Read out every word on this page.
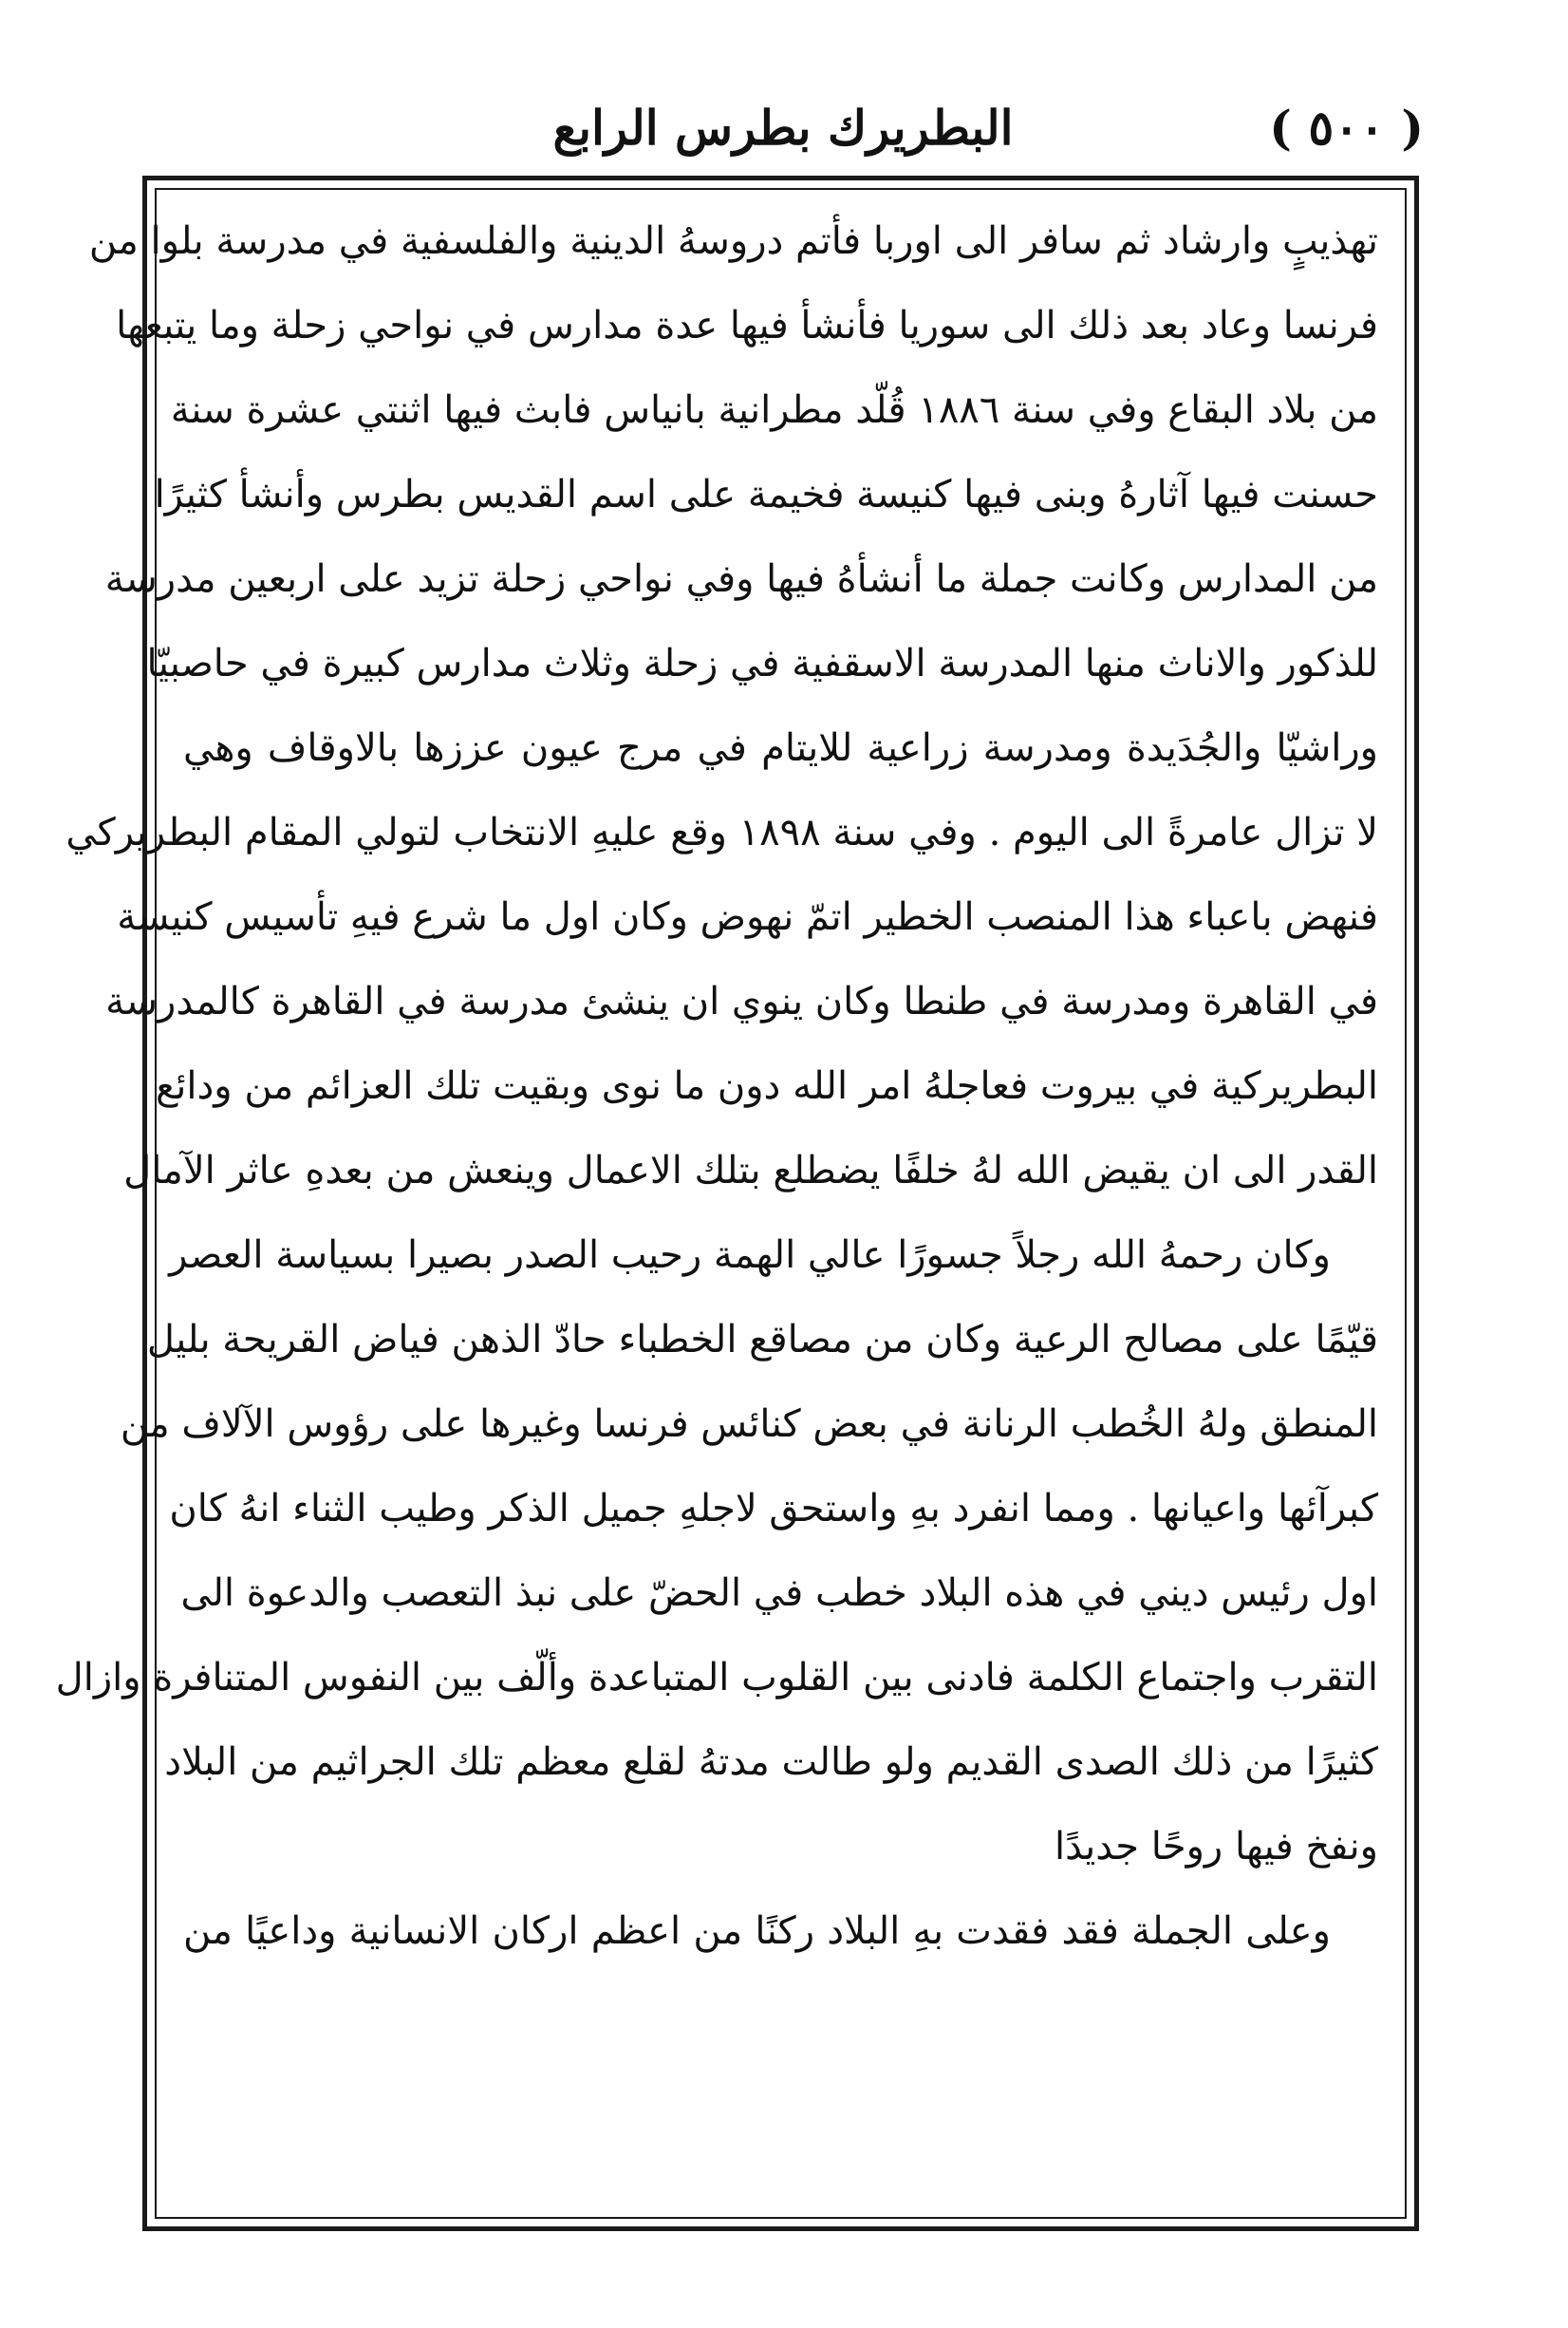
( ٥٠٠ )
البطريرك بطرس الرابع
تهذيبٍ وارشاد ثم سافر الى اوربا فأتم دروسهُ الدينية والفلسفية في مدرسة بلوا من
فرنسا وعاد بعد ذلك الى سوريا فأنشأ فيها عدة مدارس في نواحي زحلة وما يتبعها
من بلاد البقاع وفي سنة ١٨٨٦ قُلّد مطرانية بانياس فابث فيها اثنتي عشرة سنة
حسنت فيها آثارهُ وبنى فيها كنيسة فخيمة على اسم القديس بطرس وأنشأ كثيرًا
من المدارس وكانت جملة ما أنشأهُ فيها وفي نواحي زحلة تزيد على اربعين مدرسة
للذكور والاناث منها المدرسة الاسقفية في زحلة وثلاث مدارس كبيرة في حاصبيّا
وراشيّا والجُدَيدة ومدرسة زراعية للايتام في مرج عيون عززها بالاوقاف وهي
لا تزال عامرةً الى اليوم . وفي سنة ١٨٩٨ وقع عليهِ الانتخاب لتولي المقام البطريركي
فنهض باعباء هذا المنصب الخطير اتمّ نهوض وكان اول ما شرع فيهِ تأسيس كنيسة
في القاهرة ومدرسة في طنطا وكان ينوي ان ينشئ مدرسة في القاهرة كالمدرسة
البطريركية في بيروت فعاجلهُ امر الله دون ما نوى وبقيت تلك العزائم من ودائع
القدر الى ان يقيض الله لهُ خلفًا يضطلع بتلك الاعمال وينعش من بعدهِ عاثر الآمال
وكان رحمهُ الله رجلاً جسورًا عالي الهمة رحيب الصدر بصيرا بسياسة العصر
قيّمًا على مصالح الرعية وكان من مصاقع الخطباء حادّ الذهن فياض القريحة بليل
المنطق ولهُ الخُطب الرنانة في بعض كنائس فرنسا وغيرها على رؤوس الآلاف من
كبرآئها واعيانها . ومما انفرد بهِ واستحق لاجلهِ جميل الذكر وطيب الثناء انهُ كان
اول رئيس ديني في هذه البلاد خطب في الحضّ على نبذ التعصب والدعوة الى
التقرب واجتماع الكلمة فادنى بين القلوب المتباعدة وألّف بين النفوس المتنافرة وازال
كثيرًا من ذلك الصدى القديم ولو طالت مدتهُ لقلع معظم تلك الجراثيم من البلاد
ونفخ فيها روحًا جديدًا
وعلى الجملة فقد فقدت بهِ البلاد ركنًا من اعظم اركان الانسانية وداعيًا من
